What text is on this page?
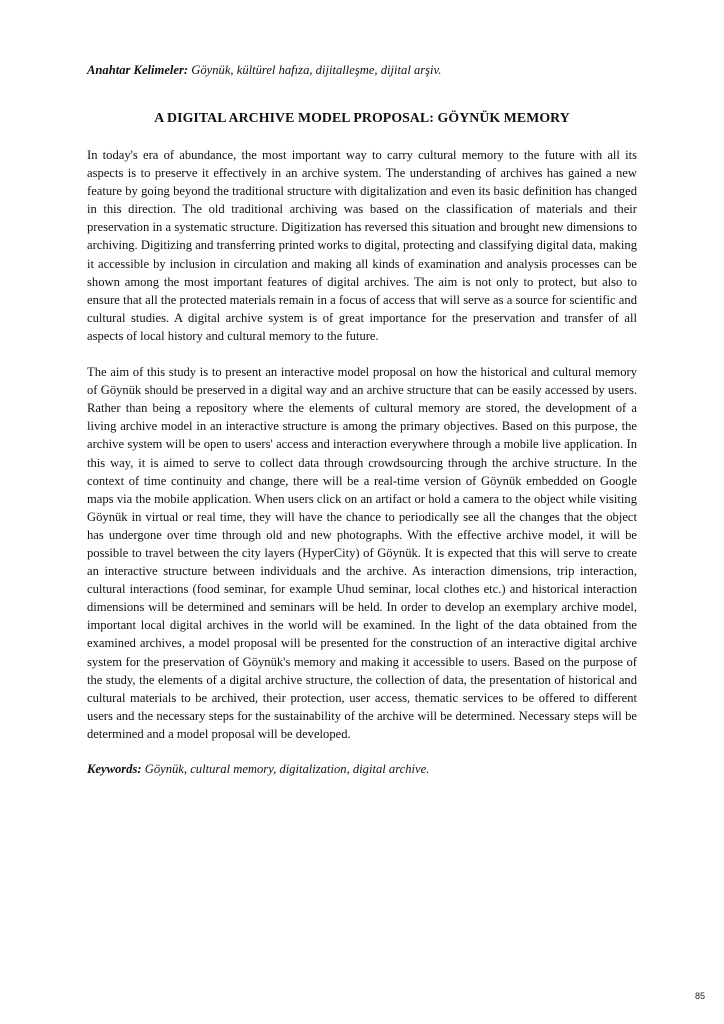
Anahtar Kelimeler: Göynük, kültürel hafıza, dijitalleşme, dijital arşiv.

A DIGITAL ARCHIVE MODEL PROPOSAL: GÖYNÜK MEMORY

In today's era of abundance, the most important way to carry cultural memory to the future with all its aspects is to preserve it effectively in an archive system. The understanding of archives has gained a new feature by going beyond the traditional structure with digitalization and even its basic definition has changed in this direction. The old traditional archiving was based on the classification of materials and their preservation in a systematic structure. Digitization has reversed this situation and brought new dimensions to archiving. Digitizing and transferring printed works to digital, protecting and classifying digital data, making it accessible by inclusion in circulation and making all kinds of examination and analysis processes can be shown among the most important features of digital archives. The aim is not only to protect, but also to ensure that all the protected materials remain in a focus of access that will serve as a source for scientific and cultural studies. A digital archive system is of great importance for the preservation and transfer of all aspects of local history and cultural memory to the future.

The aim of this study is to present an interactive model proposal on how the historical and cultural memory of Göynük should be preserved in a digital way and an archive structure that can be easily accessed by users. Rather than being a repository where the elements of cultural memory are stored, the development of a living archive model in an interactive structure is among the primary objectives. Based on this purpose, the archive system will be open to users' access and interaction everywhere through a mobile live application. In this way, it is aimed to serve to collect data through crowdsourcing through the archive structure. In the context of time continuity and change, there will be a real-time version of Göynük embedded on Google maps via the mobile application. When users click on an artifact or hold a camera to the object while visiting Göynük in virtual or real time, they will have the chance to periodically see all the changes that the object has undergone over time through old and new photographs. With the effective archive model, it will be possible to travel between the city layers (HyperCity) of Göynük. It is expected that this will serve to create an interactive structure between individuals and the archive. As interaction dimensions, trip interaction, cultural interactions (food seminar, for example Uhud seminar, local clothes etc.) and historical interaction dimensions will be determined and seminars will be held. In order to develop an exemplary archive model, important local digital archives in the world will be examined. In the light of the data obtained from the examined archives, a model proposal will be presented for the construction of an interactive digital archive system for the preservation of Göynük's memory and making it accessible to users. Based on the purpose of the study, the elements of a digital archive structure, the collection of data, the presentation of historical and cultural materials to be archived, their protection, user access, thematic services to be offered to different users and the necessary steps for the sustainability of the archive will be determined. Necessary steps will be determined and a model proposal will be developed.

Keywords: Göynük, cultural memory, digitalization, digital archive.

85
